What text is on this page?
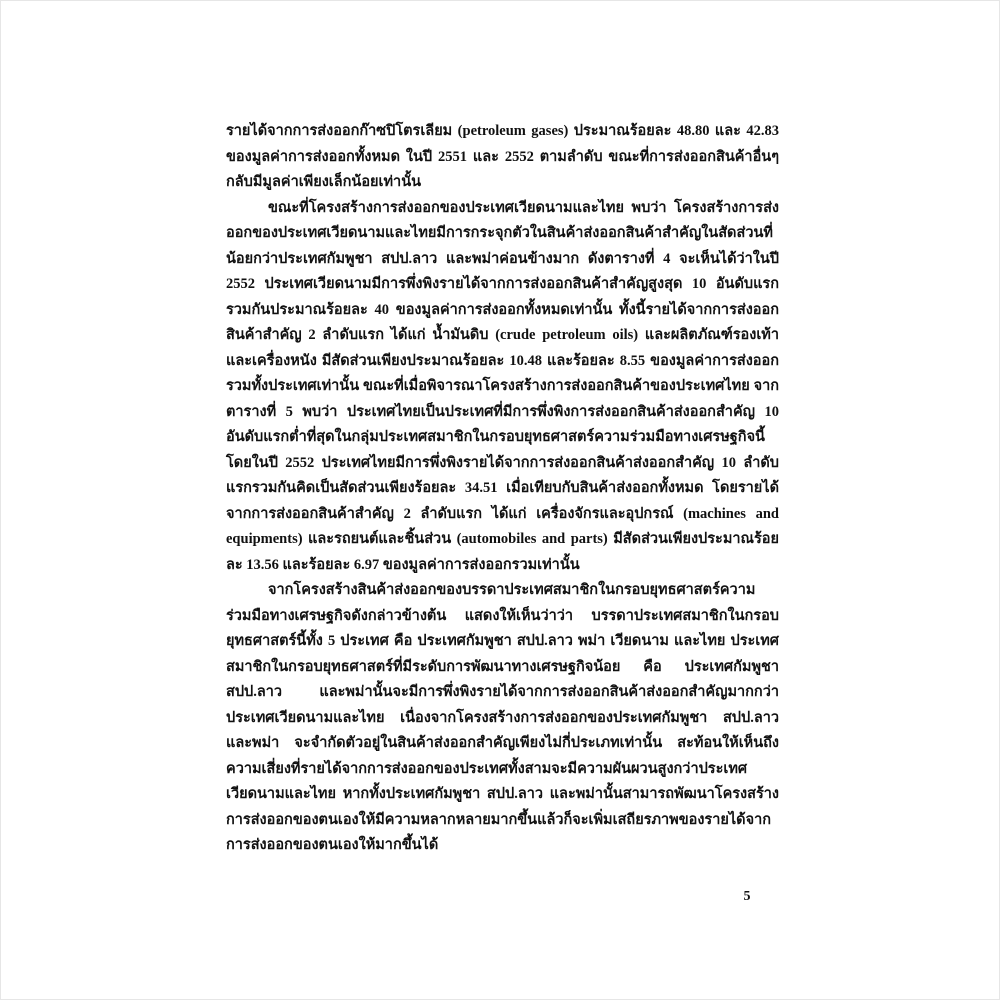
รายได้จากการส่งออกก๊าซปิโตรเลียม (petroleum gases) ประมาณร้อยละ 48.80 และ 42.83 ของมูลค่าการส่งออกทั้งหมด ในปี 2551 และ 2552 ตามลำดับ ขณะที่การส่งออกสินค้าอื่นๆ กลับมีมูลค่าเพียงเล็กน้อยเท่านั้น

ขณะที่โครงสร้างการส่งออกของประเทศเวียดนามและไทย พบว่า โครงสร้างการส่งออกของประเทศเวียดนามและไทยมีการกระจุกตัวในสินค้าส่งออกสินค้าสำคัญในสัดส่วนที่น้อยกว่าประเทศกัมพูชา สปป.ลาว และพม่าค่อนข้างมาก ดังตารางที่ 4 จะเห็นได้ว่าในปี 2552 ประเทศเวียดนามมีการพึ่งพิงรายได้จากการส่งออกสินค้าสำคัญสูงสุด 10 อันดับแรก รวมกันประมาณร้อยละ 40 ของมูลค่าการส่งออกทั้งหมดเท่านั้น ทั้งนี้รายได้จากการส่งออกสินค้าสำคัญ 2 ลำดับแรก ได้แก่ น้ำมันดิบ (crude petroleum oils) และผลิตภัณฑ์รองเท้าและเครื่องหนัง มีสัดส่วนเพียงประมาณร้อยละ 10.48 และร้อยละ 8.55 ของมูลค่าการส่งออกรวมทั้งประเทศเท่านั้น ขณะที่เมื่อพิจารณาโครงสร้างการส่งออกสินค้าของประเทศไทย จากตารางที่ 5 พบว่า ประเทศไทยเป็นประเทศที่มีการพึ่งพิงการส่งออกสินค้าส่งออกสำคัญ 10 อันดับแรกต่ำที่สุดในกลุ่มประเทศสมาชิกในกรอบยุทธศาสตร์ความร่วมมือทางเศรษฐกิจนี้ โดยในปี 2552 ประเทศไทยมีการพึ่งพิงรายได้จากการส่งออกสินค้าส่งออกสำคัญ 10 ลำดับแรกรวมกันคิดเป็นสัดส่วนเพียงร้อยละ 34.51 เมื่อเทียบกับสินค้าส่งออกทั้งหมด โดยรายได้จากการส่งออกสินค้าสำคัญ 2 ลำดับแรก ได้แก่ เครื่องจักรและอุปกรณ์ (machines and equipments) และรถยนต์และชิ้นส่วน (automobiles and parts) มีสัดส่วนเพียงประมาณร้อยละ 13.56 และร้อยละ 6.97 ของมูลค่าการส่งออกรวมเท่านั้น

จากโครงสร้างสินค้าส่งออกของบรรดาประเทศสมาชิกในกรอบยุทธศาสตร์ความร่วมมือทางเศรษฐกิจดังกล่าวข้างต้น แสดงให้เห็นว่าว่า บรรดาประเทศสมาชิกในกรอบยุทธศาสตร์นี้ทั้ง 5 ประเทศ คือ ประเทศกัมพูชา สปป.ลาว พม่า เวียดนาม และไทย ประเทศสมาชิกในกรอบยุทธศาสตร์ที่มีระดับการพัฒนาทางเศรษฐกิจน้อย คือ ประเทศกัมพูชา สปป.ลาว และพม่านั้นจะมีการพึ่งพิงรายได้จากการส่งออกสินค้าส่งออกสำคัญมากกว่า ประเทศเวียดนามและไทย เนื่องจากโครงสร้างการส่งออกของประเทศกัมพูชา สปป.ลาว และพม่า จะจำกัดตัวอยู่ในสินค้าส่งออกสำคัญเพียงไม่กี่ประเภทเท่านั้น สะท้อนให้เห็นถึงความเสี่ยงที่รายได้จากการส่งออกของประเทศทั้งสามจะมีความผันผวนสูงกว่าประเทศเวียดนามและไทย หากทั้งประเทศกัมพูชา สปป.ลาว และพม่านั้นสามารถพัฒนาโครงสร้างการส่งออกของตนเองให้มีความหลากหลายมากขึ้นแล้วก็จะเพิ่มเสถียรภาพของรายได้จากการส่งออกของตนเองให้มากขึ้นได้

5
